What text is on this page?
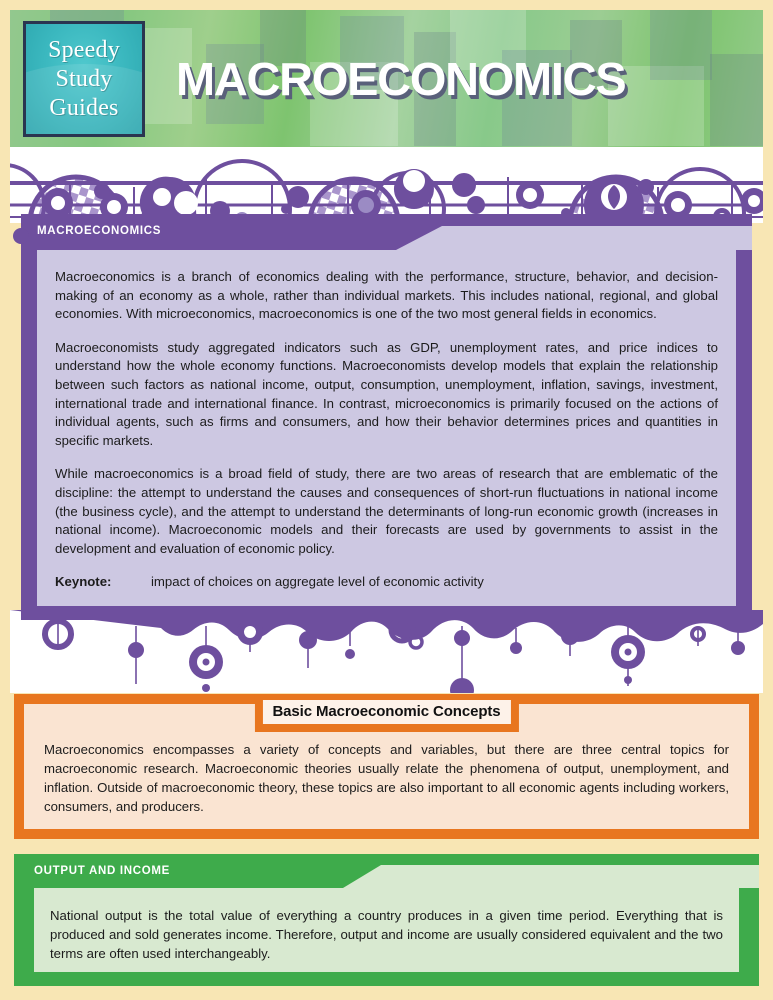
Speedy
Study
Guides
MACROECONOMICS
MACROECONOMICS

Macroeconomics is a branch of economics dealing with the performance, structure, behavior, and decision-making of an economy as a whole, rather than individual markets. This includes national, regional, and global economies. With microeconomics, macroeconomics is one of the two most general fields in economics.

Macroeconomists study aggregated indicators such as GDP, unemployment rates, and price indices to understand how the whole economy functions. Macroeconomists develop models that explain the relationship between such factors as national income, output, consumption, unemployment, inflation, savings, investment, international trade and international finance. In contrast, microeconomics is primarily focused on the actions of individual agents, such as firms and consumers, and how their behavior determines prices and quantities in specific markets.

While macroeconomics is a broad field of study, there are two areas of research that are emblematic of the discipline: the attempt to understand the causes and consequences of short-run fluctuations in national income (the business cycle), and the attempt to understand the determinants of long-run economic growth (increases in national income). Macroeconomic models and their forecasts are used by governments to assist in the development and evaluation of economic policy.

Keynote:	impact of choices on aggregate level of economic activity
Basic Macroeconomic Concepts

Macroeconomics encompasses a variety of concepts and variables, but there are three central topics for macroeconomic research. Macroeconomic theories usually relate the phenomena of output, unemployment, and inflation. Outside of macroeconomic theory, these topics are also important to all economic agents including workers, consumers, and producers.

OUTPUT AND INCOME

National output is the total value of everything a country produces in a given time period. Everything that is produced and sold generates income. Therefore, output and income are usually considered equivalent and the two terms are often used interchangeably.
